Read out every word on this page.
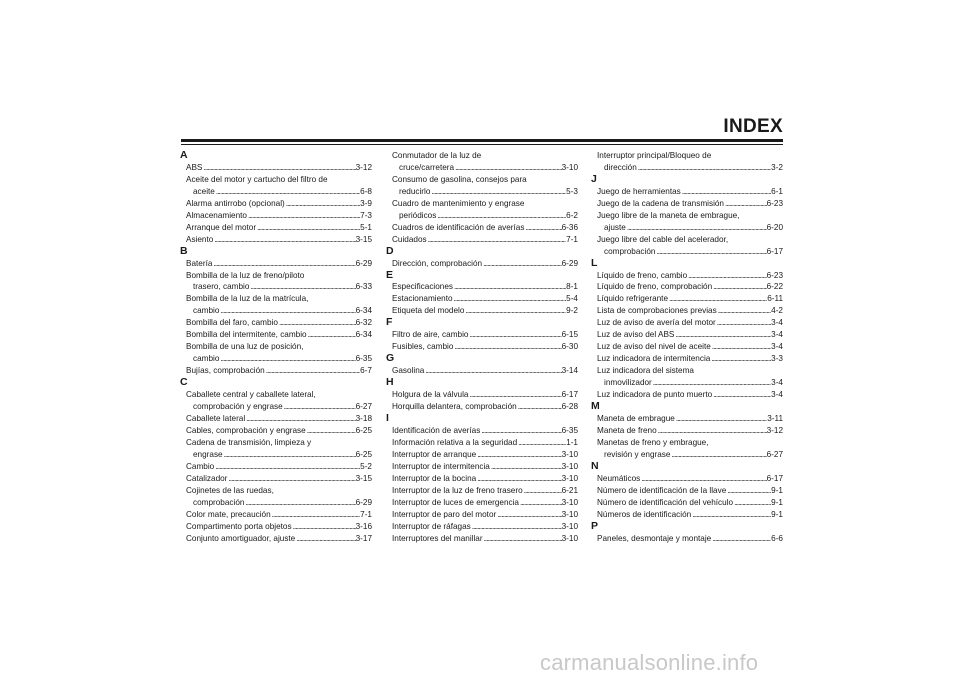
INDEX
A
ABS . . .	3-12
Aceite del motor y cartucho del filtro de
aceite . . .	6-8
Alarma antirrobo (opcional) . . .	3-9
Almacenamiento . . .	7-3
Arranque del motor . . .	5-1
Asiento . . .	3-15
B
Batería . . .	6-29
Bombilla de la luz de freno/piloto
trasero, cambio . . .	6-33
Bombilla de la luz de la matrícula,
cambio . . .	6-34
Bombilla del faro, cambio . . .	6-32
Bombilla del intermitente, cambio . . .	6-34
Bombilla de una luz de posición,
cambio . . .	6-35
Bujías, comprobación . . .	6-7
C
Caballete central y caballete lateral,
comprobación y engrase . . .	6-27
Caballete lateral . . .	3-18
Cables, comprobación y engrase . . .	6-25
Cadena de transmisión, limpieza y
engrase . . .	6-25
Cambio . . .	5-2
Catalizador . . .	3-15
Cojinetes de las ruedas,
comprobación . . .	6-29
Color mate, precaución . . .	7-1
Compartimento porta objetos . . .	3-16
Conjunto amortiguador, ajuste . . .	3-17
Conmutador de la luz de
cruce/carretera . . .	3-10
Consumo de gasolina, consejos para
reducirlo . . .	5-3
Cuadro de mantenimiento y engrase
periódicos . . .	6-2
Cuadros de identificación de averías . . .	6-36
Cuidados . . .	7-1
D
Dirección, comprobación . . .	6-29
E
Especificaciones . . .	8-1
Estacionamiento . . .	5-4
Etiqueta del modelo . . .	9-2
F
Filtro de aire, cambio . . .	6-15
Fusibles, cambio . . .	6-30
G
Gasolina . . .	3-14
H
Holgura de la válvula . . .	6-17
Horquilla delantera, comprobación . . .	6-28
I
Identificación de averías . . .	6-35
Información relativa a la seguridad . . .	1-1
Interruptor de arranque . . .	3-10
Interruptor de intermitencia . . .	3-10
Interruptor de la bocina . . .	3-10
Interruptor de la luz de freno trasero . . .	6-21
Interruptor de luces de emergencia . . .	3-10
Interruptor de paro del motor . . .	3-10
Interruptor de ráfagas . . .	3-10
Interruptores del manillar . . .	3-10
Interruptor principal/Bloqueo de
dirección . . .	3-2
J
Juego de herramientas . . .	6-1
Juego de la cadena de transmisión . . .	6-23
Juego libre de la maneta de embrague,
ajuste . . .	6-20
Juego libre del cable del acelerador,
comprobación . . .	6-17
L
Líquido de freno, cambio . . .	6-23
Líquido de freno, comprobación . . .	6-22
Líquido refrigerante . . .	6-11
Lista de comprobaciones previas . . .	4-2
Luz de aviso de avería del motor . . .	3-4
Luz de aviso del ABS . . .	3-4
Luz de aviso del nivel de aceite . . .	3-4
Luz indicadora de intermitencia . . .	3-3
Luz indicadora del sistema
inmovilizador . . .	3-4
Luz indicadora de punto muerto . . .	3-4
M
Maneta de embrague . . .	3-11
Maneta de freno . . .	3-12
Manetas de freno y embrague,
revisión y engrase . . .	6-27
N
Neumáticos . . .	6-17
Número de identificación de la llave . . .	9-1
Número de identificación del vehículo . . .	9-1
Números de identificación . . .	9-1
P
Paneles, desmontaje y montaje . . .	6-6
carmanualsonline.info
